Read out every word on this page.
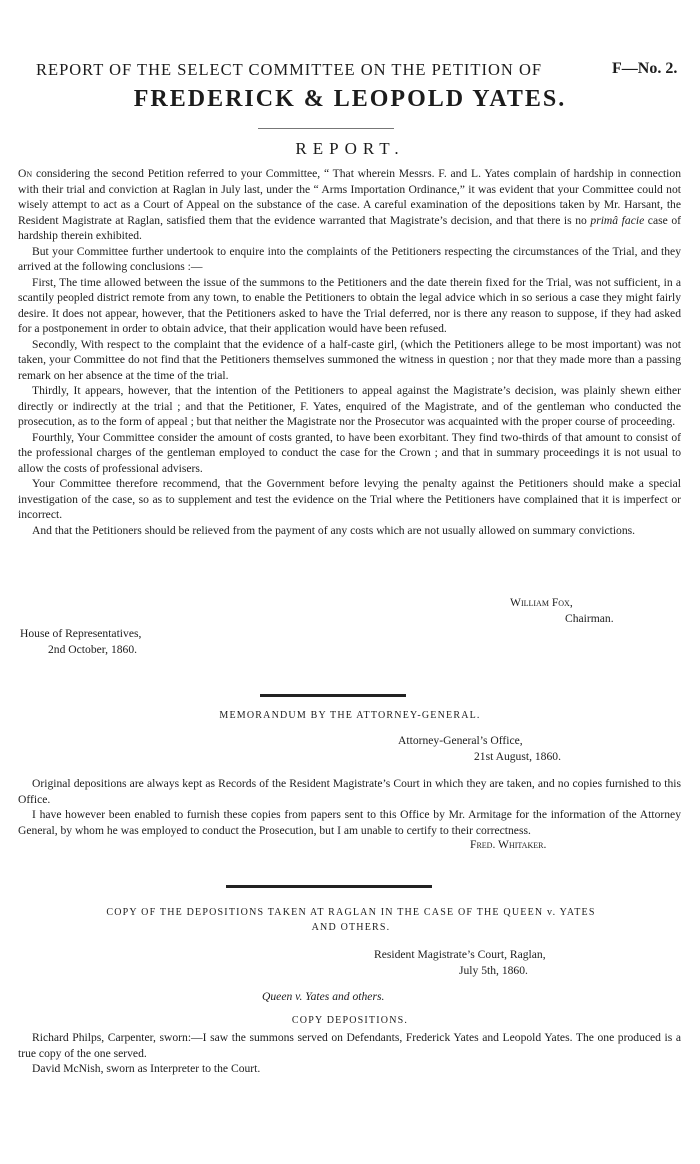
REPORT OF THE SELECT COMMITTEE ON THE PETITION OF	F—No. 2.
FREDERICK & LEOPOLD YATES.
REPORT.

On considering the second Petition referred to your Committee, “ That wherein Messrs. F. and L. Yates complain of hardship in connection with their trial and conviction at Raglan in July last, under the “ Arms Importation Ordinance,” it was evident that your Committee could not wisely attempt to act as a Court of Appeal on the substance of the case. A careful examination of the depositions taken by Mr. Harsant, the Resident Magistrate at Raglan, satisfied them that the evidence warranted that Magistrate’s decision, and that there is no primâ facie case of hardship therein exhibited.

But your Committee further undertook to enquire into the complaints of the Petitioners respecting the circumstances of the Trial, and they arrived at the following conclusions :—

First, The time allowed between the issue of the summons to the Petitioners and the date therein fixed for the Trial, was not sufficient, in a scantily peopled district remote from any town, to enable the Petitioners to obtain the legal advice which in so serious a case they might fairly desire. It does not appear, however, that the Petitioners asked to have the Trial deferred, nor is there any reason to suppose, if they had asked for a postponement in order to obtain advice, that their application would have been refused.

Secondly, With respect to the complaint that the evidence of a half-caste girl, (which the Petitioners allege to be most important) was not taken, your Committee do not find that the Petitioners themselves summoned the witness in question ; nor that they made more than a passing remark on her absence at the time of the trial.

Thirdly, It appears, however, that the intention of the Petitioners to appeal against the Magistrate’s decision, was plainly shewn either directly or indirectly at the trial ; and that the Petitioner, F. Yates, enquired of the Magistrate, and of the gentleman who conducted the prosecution, as to the form of appeal ; but that neither the Magistrate nor the Prosecutor was acquainted with the proper course of proceeding.

Fourthly, Your Committee consider the amount of costs granted, to have been exorbitant. They find two-thirds of that amount to consist of the professional charges of the gentleman employed to conduct the case for the Crown ; and that in summary proceedings it is not usual to allow the costs of professional advisers.

Your Committee therefore recommend, that the Government before levying the penalty against the Petitioners should make a special investigation of the case, so as to supplement and test the evidence on the Trial where the Petitioners have complained that it is imperfect or incorrect.

And that the Petitioners should be relieved from the payment of any costs which are not usually allowed on summary convictions.

William Fox,
Chairman.
House of Representatives,
2nd October, 1860.
MEMORANDUM BY THE ATTORNEY-GENERAL.
Attorney-General’s Office,
21st August, 1860.

Original depositions are always kept as Records of the Resident Magistrate’s Court in which they are taken, and no copies furnished to this Office.

I have however been enabled to furnish these copies from papers sent to this Office by Mr. Armitage for the information of the Attorney General, by whom he was employed to conduct the Prosecution, but I am unable to certify to their correctness.

Fred. Whitaker.
COPY OF THE DEPOSITIONS TAKEN AT RAGLAN IN THE CASE OF THE QUEEN v. YATES
AND OTHERS.
Resident Magistrate’s Court, Raglan,
July 5th, 1860.
Queen v. Yates and others.
COPY DEPOSITIONS.

Richard Philps, Carpenter, sworn:—I saw the summons served on Defendants, Frederick Yates and Leopold Yates. The one produced is a true copy of the one served.

David McNish, sworn as Interpreter to the Court.
